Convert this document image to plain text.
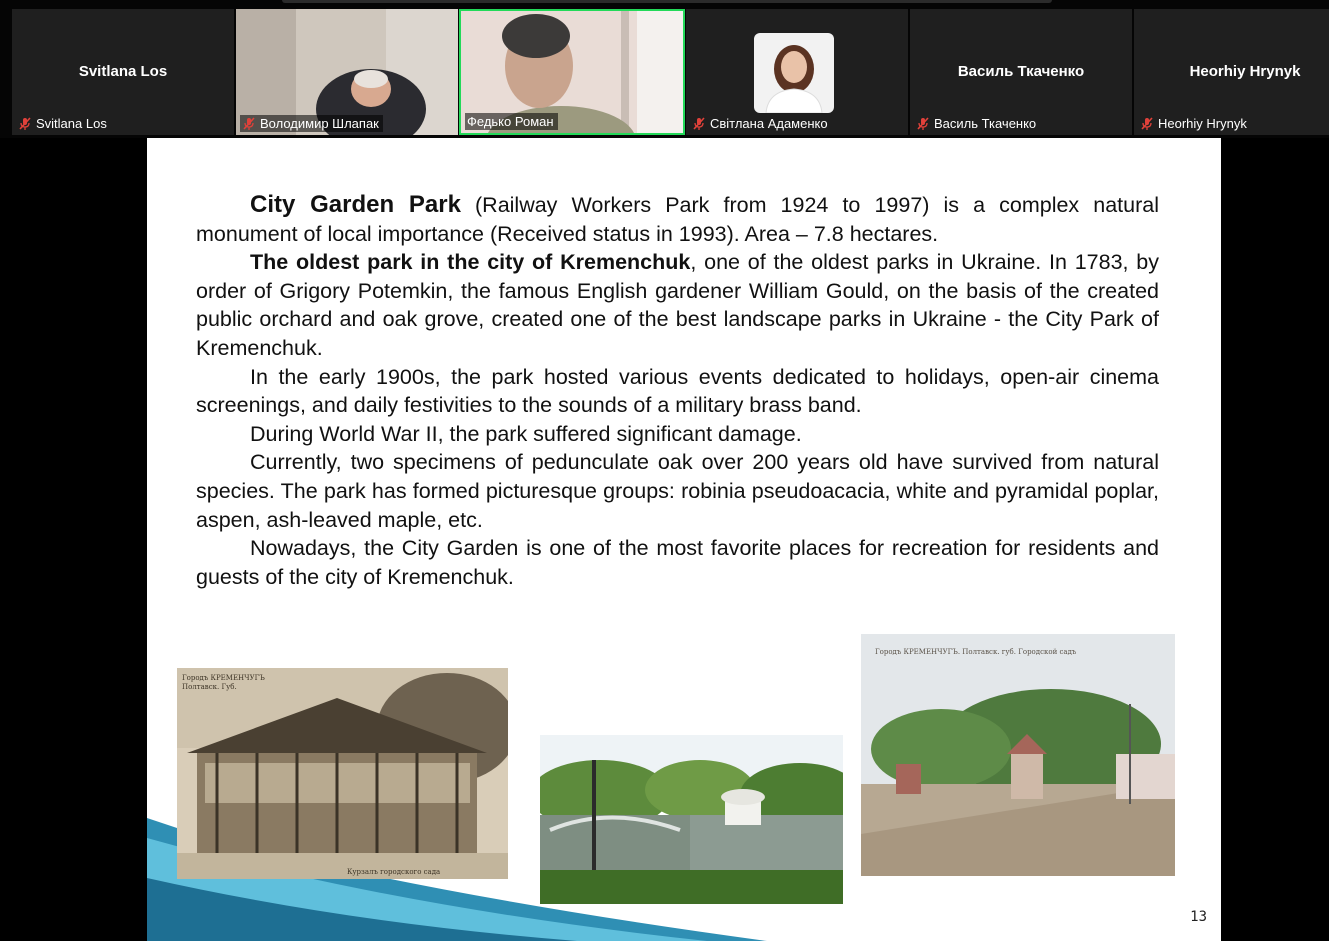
Svitlana Los
Svitlana Los	Володимир Шлапак	Федько Роман	Світлана Адаменко
Василь Ткаченко
Василь Ткаченко
Heorhiy Hrynyk
Heorhiy Hrynyk

City Garden Park (Railway Workers Park from 1924 to 1997) is a complex natural monument of local importance (Received status in 1993). Area – 7.8 hectares.

The oldest park in the city of Kremenchuk, one of the oldest parks in Ukraine. In 1783, by order of Grigory Potemkin, the famous English gardener William Gould, on the basis of the created public orchard and oak grove, created one of the best landscape parks in Ukraine - the City Park of Kremenchuk.

In the early 1900s, the park hosted various events dedicated to holidays, open-air cinema screenings, and daily festivities to the sounds of a military brass band.

During World War II, the park suffered significant damage.

Currently, two specimens of pedunculate oak over 200 years old have survived from natural species. The park has formed picturesque groups: robinia pseudoacacia, white and pyramidal poplar, aspen, ash-leaved maple, etc.

Nowadays, the City Garden is one of the most favorite places for recreation for residents and guests of the city of Kremenchuk.

Городъ КРЕМЕНЧУГЪ Полтавск. Губ.
Курзалъ городского сада
Городъ КРЕМЕНЧУГЪ. Полтавск. губ. Городской садъ
13
